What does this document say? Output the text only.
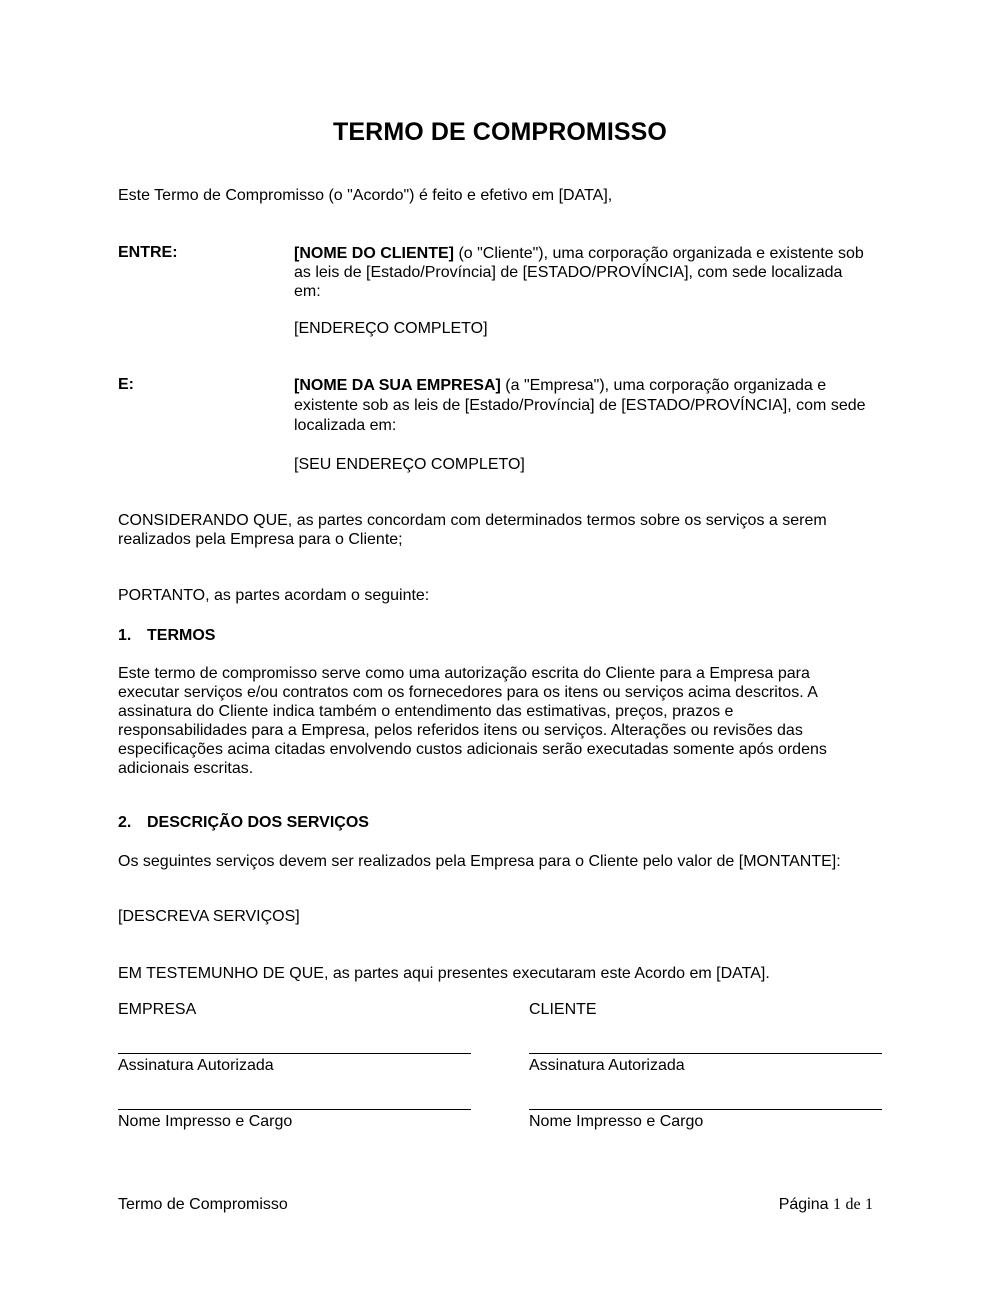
TERMO DE COMPROMISSO
Este Termo de Compromisso (o "Acordo") é feito e efetivo em [DATA],
ENTRE:	[NOME DO CLIENTE] (o "Cliente"), uma corporação organizada e existente sob
as leis de [Estado/Província] de [ESTADO/PROVÍNCIA], com sede localizada
em:
[ENDEREÇO COMPLETO]
E:	[NOME DA SUA EMPRESA] (a "Empresa"), uma corporação organizada e
existente sob as leis de [Estado/Província] de [ESTADO/PROVÍNCIA], com sede
localizada em:
[SEU ENDEREÇO COMPLETO]
CONSIDERANDO QUE, as partes concordam com determinados termos sobre os serviços a serem
realizados pela Empresa para o Cliente;
PORTANTO, as partes acordam o seguinte:
1. TERMOS
Este termo de compromisso serve como uma autorização escrita do Cliente para a Empresa para
executar serviços e/ou contratos com os fornecedores para os itens ou serviços acima descritos. A
assinatura do Cliente indica também o entendimento das estimativas, preços, prazos e
responsabilidades para a Empresa, pelos referidos itens ou serviços. Alterações ou revisões das
especificações acima citadas envolvendo custos adicionais serão executadas somente após ordens
adicionais escritas.
2. DESCRIÇÃO DOS SERVIÇOS
Os seguintes serviços devem ser realizados pela Empresa para o Cliente pelo valor de [MONTANTE]:
[DESCREVA SERVIÇOS]
EM TESTEMUNHO DE QUE, as partes aqui presentes executaram este Acordo em [DATA].
EMPRESA
Assinatura Autorizada
Nome Impresso e Cargo
CLIENTE
Assinatura Autorizada
Nome Impresso e Cargo
Termo de Compromisso	Página 1 de 1
